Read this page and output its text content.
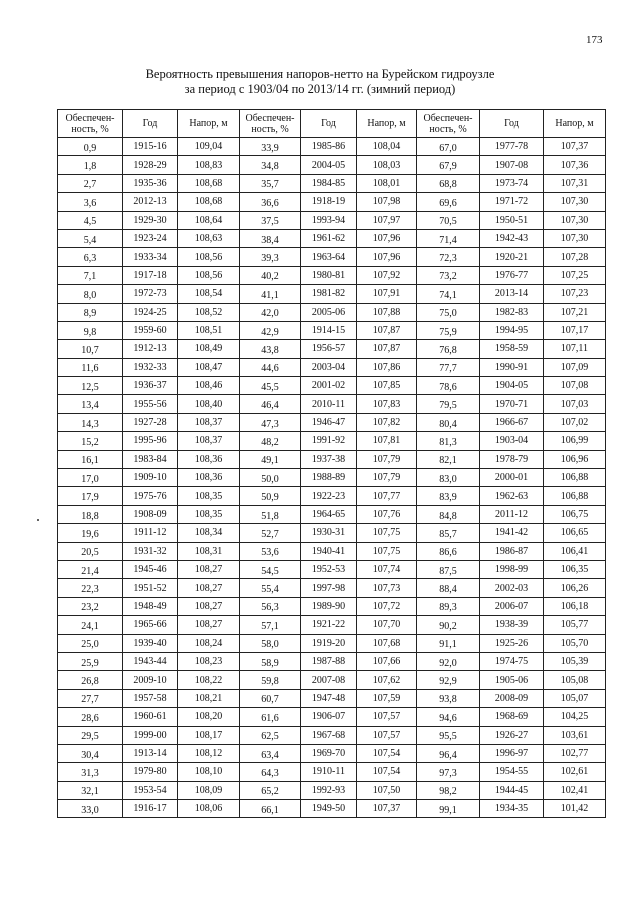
173
Вероятность превышения напоров-нетто на Бурейском гидроузле
за период с 1903/04 по 2013/14 гг. (зимний период)
Обеспечен-
ность, %	Год	Напор, м	Обеспечен-
ность, %	Год	Напор, м	Обеспечен-
ность, %	Год	Напор, м
0,9	1915-16	109,04	33,9	1985-86	108,04	67,0	1977-78	107,37
1,8	1928-29	108,83	34,8	2004-05	108,03	67,9	1907-08	107,36
2,7	1935-36	108,68	35,7	1984-85	108,01	68,8	1973-74	107,31
3,6	2012-13	108,68	36,6	1918-19	107,98	69,6	1971-72	107,30
4,5	1929-30	108,64	37,5	1993-94	107,97	70,5	1950-51	107,30
5,4	1923-24	108,63	38,4	1961-62	107,96	71,4	1942-43	107,30
6,3	1933-34	108,56	39,3	1963-64	107,96	72,3	1920-21	107,28
7,1	1917-18	108,56	40,2	1980-81	107,92	73,2	1976-77	107,25
8,0	1972-73	108,54	41,1	1981-82	107,91	74,1	2013-14	107,23
8,9	1924-25	108,52	42,0	2005-06	107,88	75,0	1982-83	107,21
9,8	1959-60	108,51	42,9	1914-15	107,87	75,9	1994-95	107,17
10,7	1912-13	108,49	43,8	1956-57	107,87	76,8	1958-59	107,11
11,6	1932-33	108,47	44,6	2003-04	107,86	77,7	1990-91	107,09
12,5	1936-37	108,46	45,5	2001-02	107,85	78,6	1904-05	107,08
13,4	1955-56	108,40	46,4	2010-11	107,83	79,5	1970-71	107,03
14,3	1927-28	108,37	47,3	1946-47	107,82	80,4	1966-67	107,02
15,2	1995-96	108,37	48,2	1991-92	107,81	81,3	1903-04	106,99
16,1	1983-84	108,36	49,1	1937-38	107,79	82,1	1978-79	106,96
17,0	1909-10	108,36	50,0	1988-89	107,79	83,0	2000-01	106,88
17,9	1975-76	108,35	50,9	1922-23	107,77	83,9	1962-63	106,88
18,8	1908-09	108,35	51,8	1964-65	107,76	84,8	2011-12	106,75
19,6	1911-12	108,34	52,7	1930-31	107,75	85,7	1941-42	106,65
20,5	1931-32	108,31	53,6	1940-41	107,75	86,6	1986-87	106,41
21,4	1945-46	108,27	54,5	1952-53	107,74	87,5	1998-99	106,35
22,3	1951-52	108,27	55,4	1997-98	107,73	88,4	2002-03	106,26
23,2	1948-49	108,27	56,3	1989-90	107,72	89,3	2006-07	106,18
24,1	1965-66	108,27	57,1	1921-22	107,70	90,2	1938-39	105,77
25,0	1939-40	108,24	58,0	1919-20	107,68	91,1	1925-26	105,70
25,9	1943-44	108,23	58,9	1987-88	107,66	92,0	1974-75	105,39
26,8	2009-10	108,22	59,8	2007-08	107,62	92,9	1905-06	105,08
27,7	1957-58	108,21	60,7	1947-48	107,59	93,8	2008-09	105,07
28,6	1960-61	108,20	61,6	1906-07	107,57	94,6	1968-69	104,25
29,5	1999-00	108,17	62,5	1967-68	107,57	95,5	1926-27	103,61
30,4	1913-14	108,12	63,4	1969-70	107,54	96,4	1996-97	102,77
31,3	1979-80	108,10	64,3	1910-11	107,54	97,3	1954-55	102,61
32,1	1953-54	108,09	65,2	1992-93	107,50	98,2	1944-45	102,41
33,0	1916-17	108,06	66,1	1949-50	107,37	99,1	1934-35	101,42
